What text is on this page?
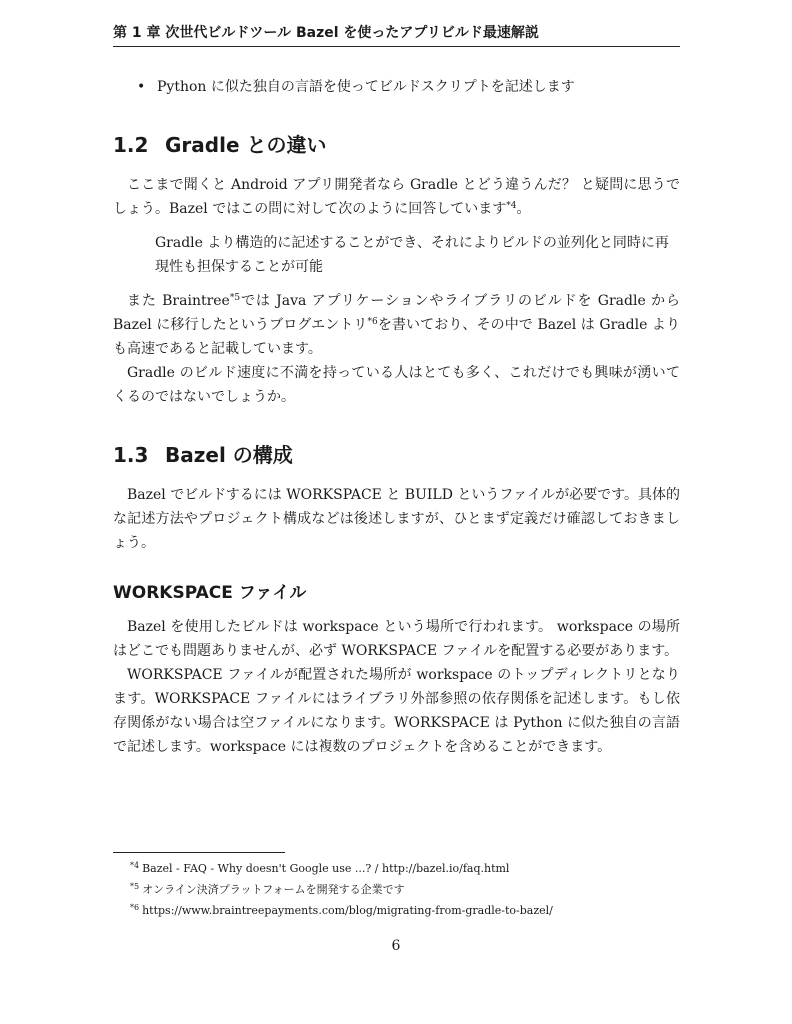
第 1 章 次世代ビルドツール Bazel を使ったアプリビルド最速解説
• Python に似た独自の言語を使ってビルドスクリプトを記述します
1.2 Gradle との違い

ここまで聞くと Android アプリ開発者なら Gradle とどう違うんだ？ と疑問に思うでしょう。Bazel ではこの問に対して次のように回答しています$^{*4}$。

Gradle より構造的に記述することができ、それによりビルドの並列化と同時に再現性も担保することが可能

また Braintree$^{*5}$では Java アプリケーションやライブラリのビルドを Gradle から Bazel に移行したというブログエントリ$^{*6}$を書いており、その中で Bazel は Gradle よりも高速であると記載しています。

Gradle のビルド速度に不満を持っている人はとても多く、これだけでも興味が湧いてくるのではないでしょうか。

1.3 Bazel の構成

Bazel でビルドするには WORKSPACE と BUILD というファイルが必要です。具体的な記述方法やプロジェクト構成などは後述しますが、ひとまず定義だけ確認しておきましょう。

WORKSPACE ファイル

Bazel を使用したビルドは workspace という場所で行われます。 workspace の場所はどこでも問題ありませんが、必ず WORKSPACE ファイルを配置する必要があります。

WORKSPACE ファイルが配置された場所が workspace のトップディレクトリとなります。WORKSPACE ファイルにはライブラリ外部参照の依存関係を記述します。もし依存関係がない場合は空ファイルになります。WORKSPACE は Python に似た独自の言語で記述します。workspace には複数のプロジェクトを含めることができます。

$^{*4}$ Bazel - FAQ - Why doesn't Google use ...? / http://bazel.io/faq.html
$^{*5}$ オンライン決済プラットフォームを開発する企業です
$^{*6}$ https://www.braintreepayments.com/blog/migrating-from-gradle-to-bazel/
6
